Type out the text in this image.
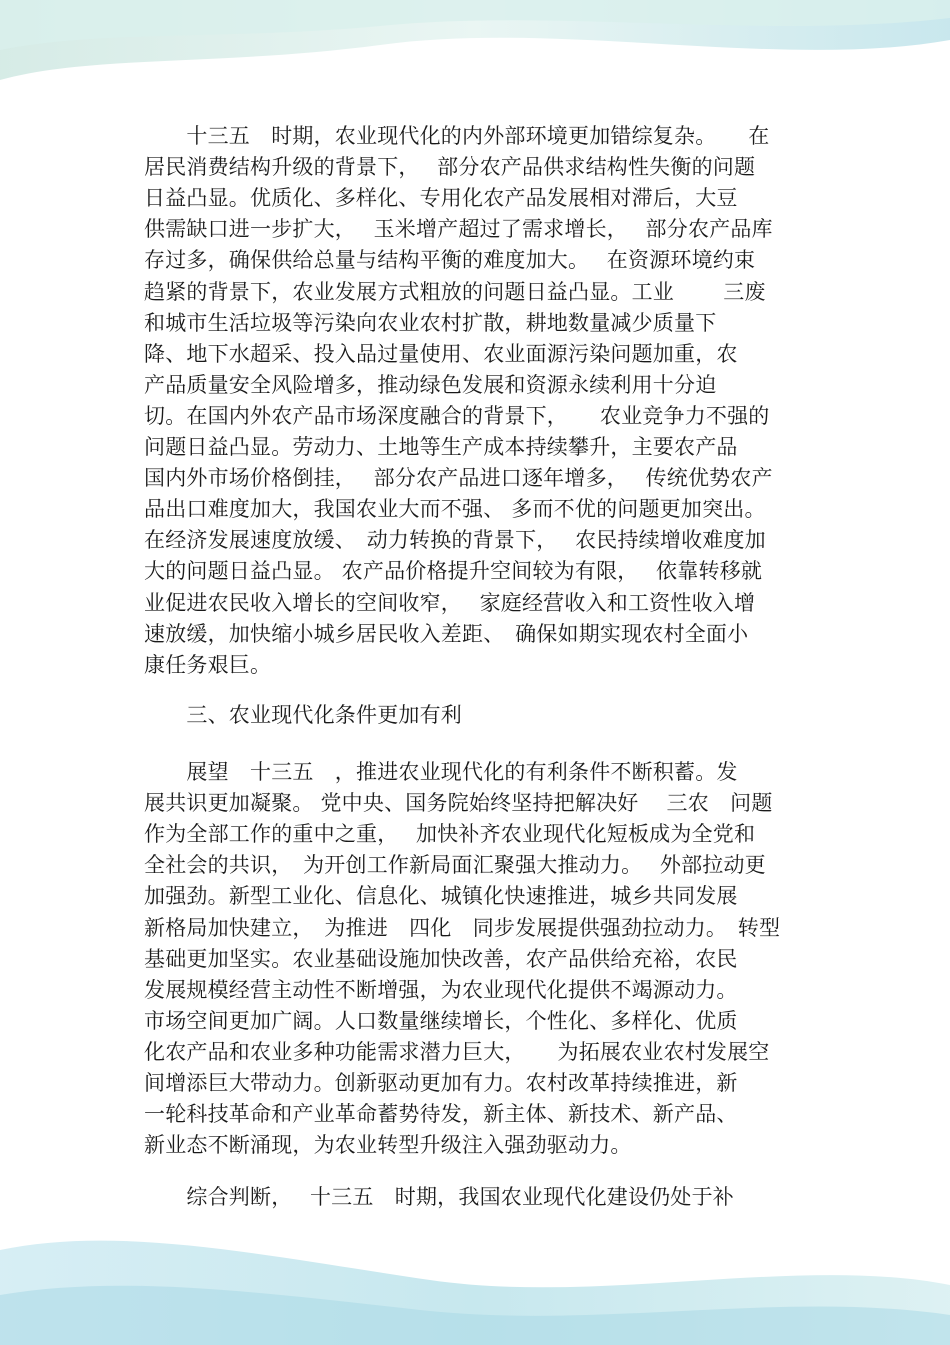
　　十三五　时期，农业现代化的内外部环境更加错综复杂。　　在
居民消费结构升级的背景下，　 部分农产品供求结构性失衡的问题
日益凸显。优质化、多样化、专用化农产品发展相对滞后，大豆
供需缺口进一步扩大，　 玉米增产超过了需求增长，　 部分农产品库
存过多，确保供给总量与结构平衡的难度加大。　 在资源环境约束
趋紧的背景下，农业发展方式粗放的问题日益凸显。工业　　 三废
和城市生活垃圾等污染向农业农村扩散，耕地数量减少质量下
降、地下水超采、投入品过量使用、农业面源污染问题加重，农
产品质量安全风险增多，推动绿色发展和资源永续利用十分迫
切。在国内外农产品市场深度融合的背景下，　　农业竞争力不强的
问题日益凸显。劳动力、土地等生产成本持续攀升，主要农产品
国内外市场价格倒挂，　 部分农产品进口逐年增多，　 传统优势农产
品出口难度加大，我国农业大而不强、 多而不优的问题更加突出。
在经济发展速度放缓、　动力转换的背景下，　 农民持续增收难度加
大的问题日益凸显。 农产品价格提升空间较为有限，　 依靠转移就
业促进农民收入增长的空间收窄，　 家庭经营收入和工资性收入增
速放缓，加快缩小城乡居民收入差距、　确保如期实现农村全面小
康任务艰巨。
　　三、农业现代化条件更加有利
　　展望　十三五　，推进农业现代化的有利条件不断积蓄。发
展共识更加凝聚。 党中央、国务院始终坚持把解决好　 三农　问题
作为全部工作的重中之重，　 加快补齐农业现代化短板成为全党和
全社会的共识，　为开创工作新局面汇聚强大推动力。　 外部拉动更
加强劲。新型工业化、信息化、城镇化快速推进，城乡共同发展
新格局加快建立，　为推进　四化　同步发展提供强劲拉动力。　转型
基础更加坚实。农业基础设施加快改善，农产品供给充裕，农民
发展规模经营主动性不断增强，为农业现代化提供不竭源动力。
市场空间更加广阔。人口数量继续增长，个性化、多样化、优质
化农产品和农业多种功能需求潜力巨大，　　为拓展农业农村发展空
间增添巨大带动力。创新驱动更加有力。农村改革持续推进，新
一轮科技革命和产业革命蓄势待发，新主体、新技术、新产品、
新业态不断涌现，为农业转型升级注入强劲驱动力。
　　综合判断，　 十三五　时期，我国农业现代化建设仍处于补
